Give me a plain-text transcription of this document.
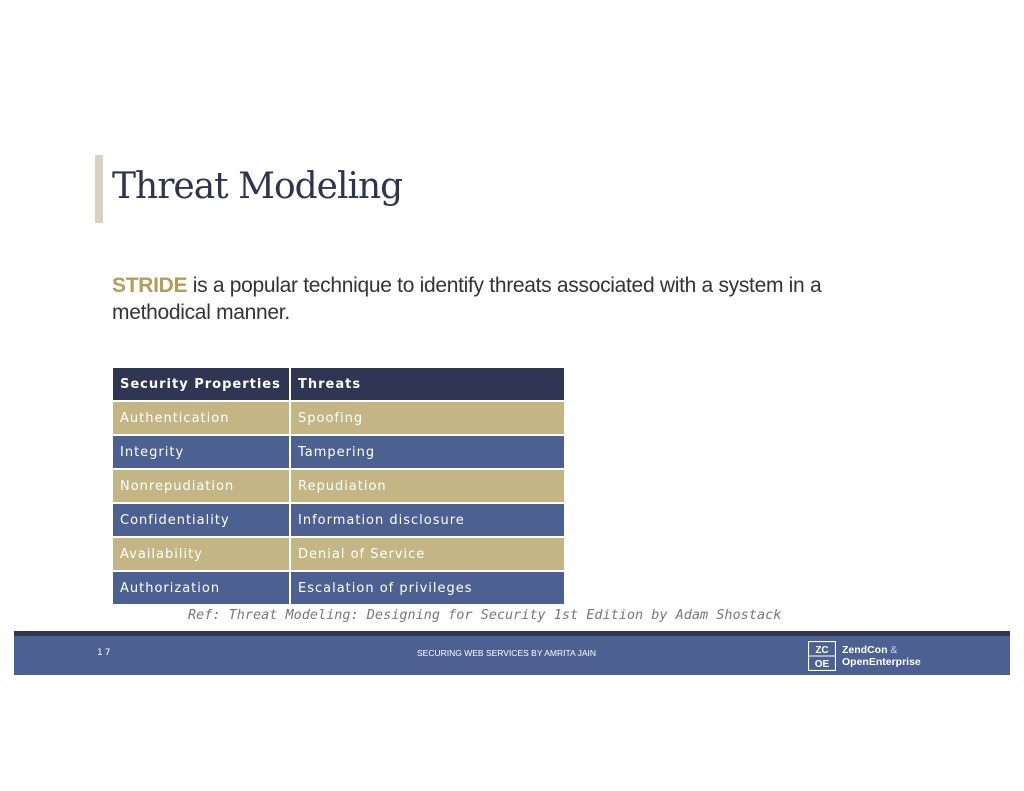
Threat Modeling
STRIDE is a popular technique to identify threats associated with a system in a methodical manner.
Security Properties	Threats
Authentication	Spoofing
Integrity	Tampering
Nonrepudiation	Repudiation
Confidentiality	Information disclosure
Availability	Denial of Service
Authorization	Escalation of privileges
Ref: Threat Modeling: Designing for Security 1st Edition by Adam Shostack
17	SECURING WEB SERVICES BY AMRITA JAIN	ZC
OE
ZendCon &
OpenEnterprise
